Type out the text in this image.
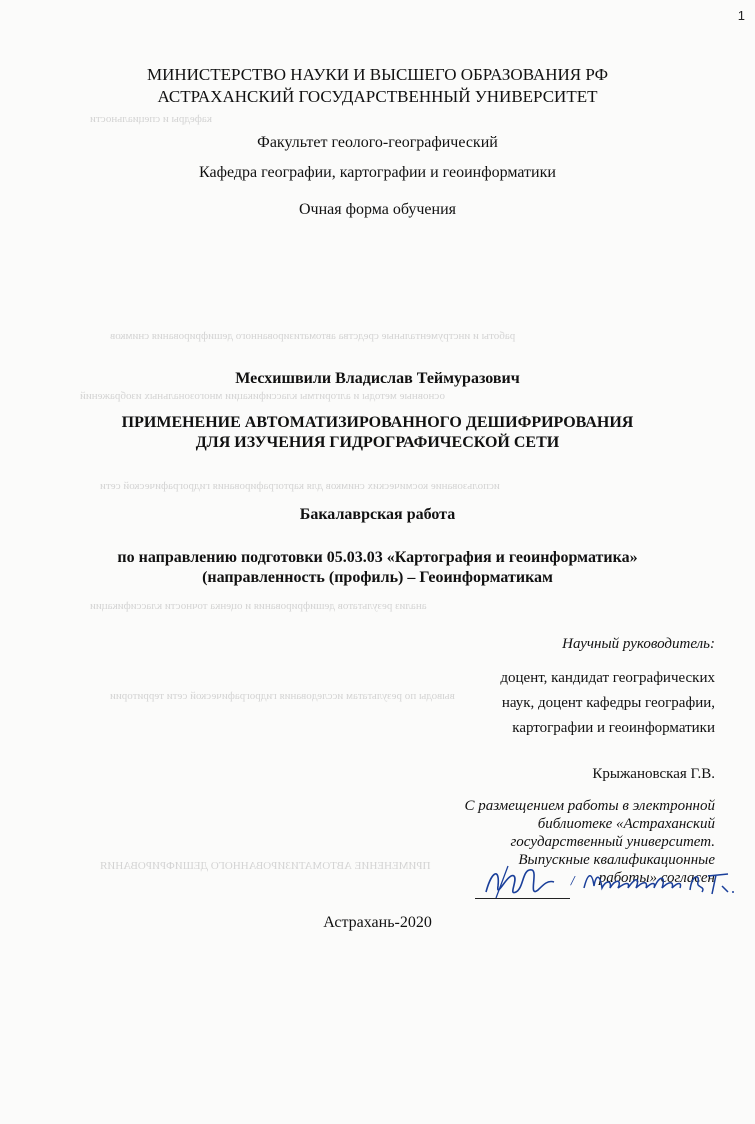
1
кафедры и специальности
работы и инструментальные средства автоматизированного дешифрирования снимков
основные методы и алгоритмы классификации многозональных изображений
использование космических снимков для картографирования гидрографической сети
анализ результатов дешифрирования и оценка точности классификации
выводы по результатам исследования гидрографической сети территории
ПРИМЕНЕНИЕ АВТОМАТИЗИРОВАННОГО ДЕШИФРИРОВАНИЯ
МИНИСТЕРСТВО НАУКИ И ВЫСШЕГО ОБРАЗОВАНИЯ РФ
АСТРАХАНСКИЙ ГОСУДАРСТВЕННЫЙ УНИВЕРСИТЕТ
Факультет геолого-географический
Кафедра географии, картографии и геоинформатики
Очная форма обучения
Месхишвили Владислав Теймуразович
ПРИМЕНЕНИЕ АВТОМАТИЗИРОВАННОГО ДЕШИФРИРОВАНИЯ
ДЛЯ ИЗУЧЕНИЯ ГИДРОГРАФИЧЕСКОЙ СЕТИ
Бакалаврская работа
по направлению подготовки 05.03.03 «Картография и геоинформатика»
(направленность (профиль) – Геоинформатикам
Научный руководитель:
доцент, кандидат географических
наук, доцент кафедры географии,
картографии и геоинформатики
Крыжановская Г.В.
С размещением работы в электронной
библиотеке «Астраханский
государственный университет.
Выпускные квалификационные
работы» согласен
/
Астрахань-2020
